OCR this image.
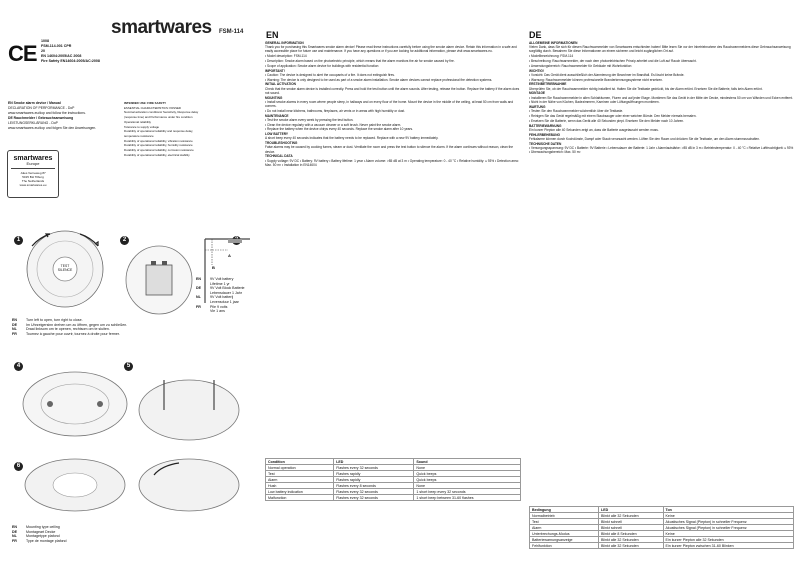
smartwares FSM-114	EN	DE
CE 1008
FSM-114-001 CPR
20
EN 14604:2005/AC 2008
Fire Safety EN14604:2005/AC:2008
EN Smoke alarm device / Manual
DECLARATION OF PERFORMANCE - DoP
www.smartwares.eu/dop and follow the instructions.
DE Rauchmelder / Gebrauchsanweisung
LEISTUNGSERKLÄRUNG - DoP
www.smartwares.eu/dop und folgen Sie den Anweisungen.
INTENDED USE: FIRE SAFETY
ESSENTIAL CHARACTERISTICS: PASSED
Nominal activation conditions/ Sensitivity, Response delay
(response time) and Performance under fire condition
Operational reliability
Tolerance to supply voltage
Durability of operational reliability and response delay,
temperature resistance
Durability of operational reliability, vibration resistance
Durability of operational reliability, humidity resistance
Durability of operational reliability, corrosion resistance
Durability of operational reliability, electrical stability
smartwares
Europe
Jules Verneweg 87
5015 BH Tilburg
The Netherlands
www.smartwares.eu
1
TEST SILENCE
EN	Turn left to open, turn right to close.
DE	Im Uhrzeigersinn drehen um zu öffnen, gegen um zu schließen.
NL	Draai linksom om te openen, rechtsom om te sluiten.
FR	Tournez à gauche pour ouvrir, tournez à droite pour fermer.
2
EN	9V Volt battery
Lifetime 1 yr
DE	9V Volt Block Batterie
Lebensdauer 1 Jahr
NL	9V Volt batterij
Levensduur 1 jaar
FR	Pile 9 volts
Vie 1 ans
A
B
4	5
6
EN	Mounting type ceiling
DE	Montageart Decke
NL	Montagetype plafond
FR	Type de montage plafond

GENERAL INFORMATION
Thank you for purchasing this Smartwares smoke alarm device! Please read these instructions carefully before using the smoke alarm device. Retain this information in a safe and easily accessible place for future use and maintenance. If you have any questions or if you are looking for additional information, please visit www.smartwares.eu.

• Model description: FSM-114

• Description: Smoke alarm based on the photoelectric principle, which means that the alarm monitors the air for smoke caused by fire.

• Scope of application: Smoke alarm device for buildings with residential function

IMPORTANT!
• Caution: The device is designed to alert the occupants of a fire. It does not extinguish fires.

• Warning: The device is only designed to be used as part of a smoke alarm installation. Smoke alarm devices cannot replace professional fire detection systems.

INITIAL ACTIVATION
Check that the smoke alarm device is installed correctly. Press and hold the test button until the alarm sounds. After testing, release the button. Replace the battery if the alarm does not sound.

MOUNTING
• Install smoke alarms in every room where people sleep, in hallways and on every floor of the home. Mount the device in the middle of the ceiling, at least 50 cm from walls and corners.

• Do not install near kitchens, bathrooms, fireplaces, air vents or in areas with high humidity or dust.

MAINTENANCE
• Test the smoke alarm every week by pressing the test button.

• Clean the device regularly with a vacuum cleaner or a soft brush. Never paint the smoke alarm.

• Replace the battery when the device chirps every 40 seconds. Replace the smoke alarm after 10 years.

LOW BATTERY
A short beep every 40 seconds indicates that the battery needs to be replaced. Replace with a new 9V battery immediately.

TROUBLESHOOTING
False alarms may be caused by cooking fumes, steam or dust. Ventilate the room and press the test button to silence the alarm. If the alarm continues without reason, clean the device.

TECHNICAL DATA
• Supply voltage: 9V DC • Battery: 9V battery • Battery lifetime: 1 year • Alarm volume: >85 dB at 3 m • Operating temperature: 0 - 40 °C • Relative humidity: ≤ 93% • Detection area: Max. 50 m² • Installation in EN14604

ALLGEMEINE INFORMATIONEN
Vielen Dank, dass Sie sich für diesen Rauchwarnmelder von Smartwares entschieden haben! Bitte lesen Sie vor der Inbetriebnahme des Rauchwarnmelders diese Gebrauchsanweisung sorgfältig durch. Bewahren Sie diese Informationen an einem sicheren und leicht zugänglichen Ort auf.

• Modellbezeichnung: FSM-114

• Beschreibung: Rauchwarnmelder, der nach dem photoelektrischen Prinzip arbeitet und die Luft auf Rauch überwacht.

• Anwendungsbereich: Rauchwarnmelder für Gebäude mit Wohnfunktion

WICHTIG!
• Vorsicht: Das Gerät dient ausschließlich der Alarmierung der Bewohner im Brandfall. Es löscht keine Brände.

• Warnung: Rauchwarnmelder können professionelle Branderkennungssysteme nicht ersetzen.

ERSTINBETRIEBNAHME
Überprüfen Sie, ob der Rauchwarnmelder richtig installiert ist. Halten Sie die Testtaste gedrückt, bis der Alarm ertönt. Ersetzen Sie die Batterie, falls kein Alarm ertönt.

MONTAGE
• Installieren Sie Rauchwarnmelder in allen Schlafräumen, Fluren und auf jeder Etage. Montieren Sie das Gerät in der Mitte der Decke, mindestens 50 cm von Wänden und Ecken entfernt.

• Nicht in der Nähe von Küchen, Badezimmern, Kaminen oder Lüftungsöffnungen montieren.

WARTUNG
• Testen Sie den Rauchwarnmelder wöchentlich über die Testtaste.

• Reinigen Sie das Gerät regelmäßig mit einem Staubsauger oder einer weichen Bürste. Den Melder niemals bemalen.

• Ersetzen Sie die Batterie, wenn das Gerät alle 40 Sekunden piept. Ersetzen Sie den Melder nach 10 Jahren.

BATTERIEWARNUNG
Ein kurzer Piepton alle 40 Sekunden zeigt an, dass die Batterie ausgetauscht werden muss.

FEHLERBEHEBUNG
Fehlalarme können durch Kochdünste, Dampf oder Staub verursacht werden. Lüften Sie den Raum und drücken Sie die Testtaste, um den Alarm stummzuschalten.

TECHNISCHE DATEN
• Versorgungsspannung: 9V DC • Batterie: 9V Batterie • Lebensdauer der Batterie: 1 Jahr • Alarmlautstärke: >85 dB in 3 m • Betriebstemperatur: 0 - 40 °C • Relative Luftfeuchtigkeit: ≤ 93% • Überwachungsbereich: Max. 50 m²

Condition	LED	Sound
Normal operation	Flashes every 32 seconds	None
Test	Flashes rapidly	Quick beeps
Alarm	Flashes rapidly	Quick beeps
Hush	Flashes every 8 seconds	None
Low battery indication	Flashes every 32 seconds	1 short beep every 32 seconds
Malfunction	Flashes every 32 seconds	1 short beep between 31-60 flashes
Bedingung	LED	Ton
Normalbetrieb	Blinkt alle 32 Sekunden	Keine
Test	Blinkt schnell	Akustisches Signal (Piepton) in schneller Frequenz
Alarm	Blinkt schnell	Akustisches Signal (Piepton) in schneller Frequenz
Unterbrechungs-Modus	Blinkt alle 8 Sekunden	Keine
Batteriewarnungsanzeige	Blinkt alle 32 Sekunden	Ein kurzer Piepton alle 32 Sekunden
Fehlfunktion	Blinkt alle 32 Sekunden	Ein kurzer Piepton zwischen 31-60 Blinken
